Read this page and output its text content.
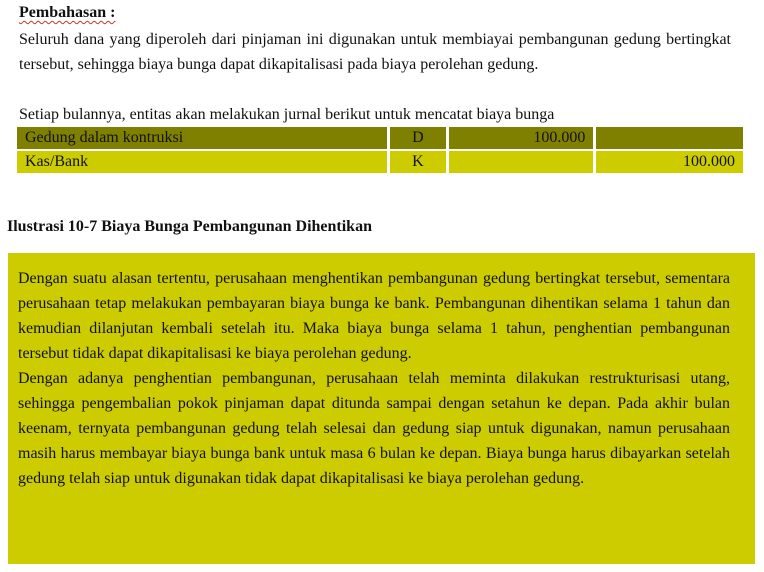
Pembahasan :

Seluruh dana yang diperoleh dari pinjaman ini digunakan untuk membiayai pembangunan gedung bertingkat tersebut, sehingga biaya bunga dapat dikapitalisasi pada biaya perolehan gedung.

Setiap bulannya, entitas akan melakukan jurnal berikut untuk mencatat biaya bunga

Gedung dalam kontruksi	D	100.000	
Kas/Bank	K		100.000

Ilustrasi 10-7 Biaya Bunga Pembangunan Dihentikan

Dengan suatu alasan tertentu, perusahaan menghentikan pembangunan gedung bertingkat tersebut, sementara perusahaan tetap melakukan pembayaran biaya bunga ke bank. Pembangunan dihentikan selama 1 tahun dan kemudian dilanjutan kembali setelah itu. Maka biaya bunga selama 1 tahun, penghentian pembangunan tersebut tidak dapat dikapitalisasi ke biaya perolehan gedung.
Dengan adanya penghentian pembangunan, perusahaan telah meminta dilakukan restrukturisasi utang, sehingga pengembalian pokok pinjaman dapat ditunda sampai dengan setahun ke depan. Pada akhir bulan keenam, ternyata pembangunan gedung telah selesai dan gedung siap untuk digunakan, namun perusahaan masih harus membayar biaya bunga bank untuk masa 6 bulan ke depan. Biaya bunga harus dibayarkan setelah gedung telah siap untuk digunakan tidak dapat dikapitalisasi ke biaya perolehan gedung.
